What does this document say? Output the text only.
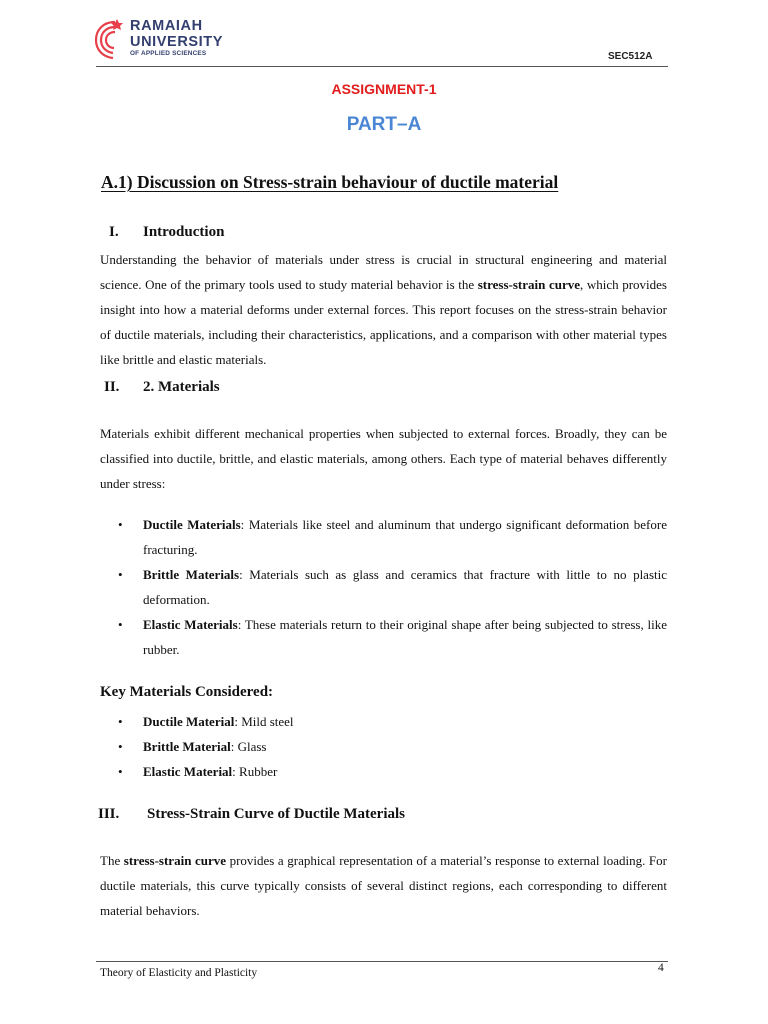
RAMAIAH
UNIVERSITY
OF APPLIED SCIENCES	SEC512A
ASSIGNMENT-1
PART–A
A.1) Discussion on Stress-strain behaviour of ductile material
I. Introduction

Understanding the behavior of materials under stress is crucial in structural engineering and material science. One of the primary tools used to study material behavior is the stress-strain curve, which provides insight into how a material deforms under external forces. This report focuses on the stress-strain behavior of ductile materials, including their characteristics, applications, and a comparison with other material types like brittle and elastic materials.

II. 2. Materials

Materials exhibit different mechanical properties when subjected to external forces. Broadly, they can be classified into ductile, brittle, and elastic materials, among others. Each type of material behaves differently under stress:

• Ductile Materials: Materials like steel and aluminum that undergo significant deformation before fracturing.
• Brittle Materials: Materials such as glass and ceramics that fracture with little to no plastic deformation.
• Elastic Materials: These materials return to their original shape after being subjected to stress, like rubber.
Key Materials Considered:
• Ductile Material: Mild steel
• Brittle Material: Glass
• Elastic Material: Rubber
III. Stress-Strain Curve of Ductile Materials

The stress-strain curve provides a graphical representation of a material’s response to external loading. For ductile materials, this curve typically consists of several distinct regions, each corresponding to different material behaviors.

Theory of Elasticity and Plasticity	4
